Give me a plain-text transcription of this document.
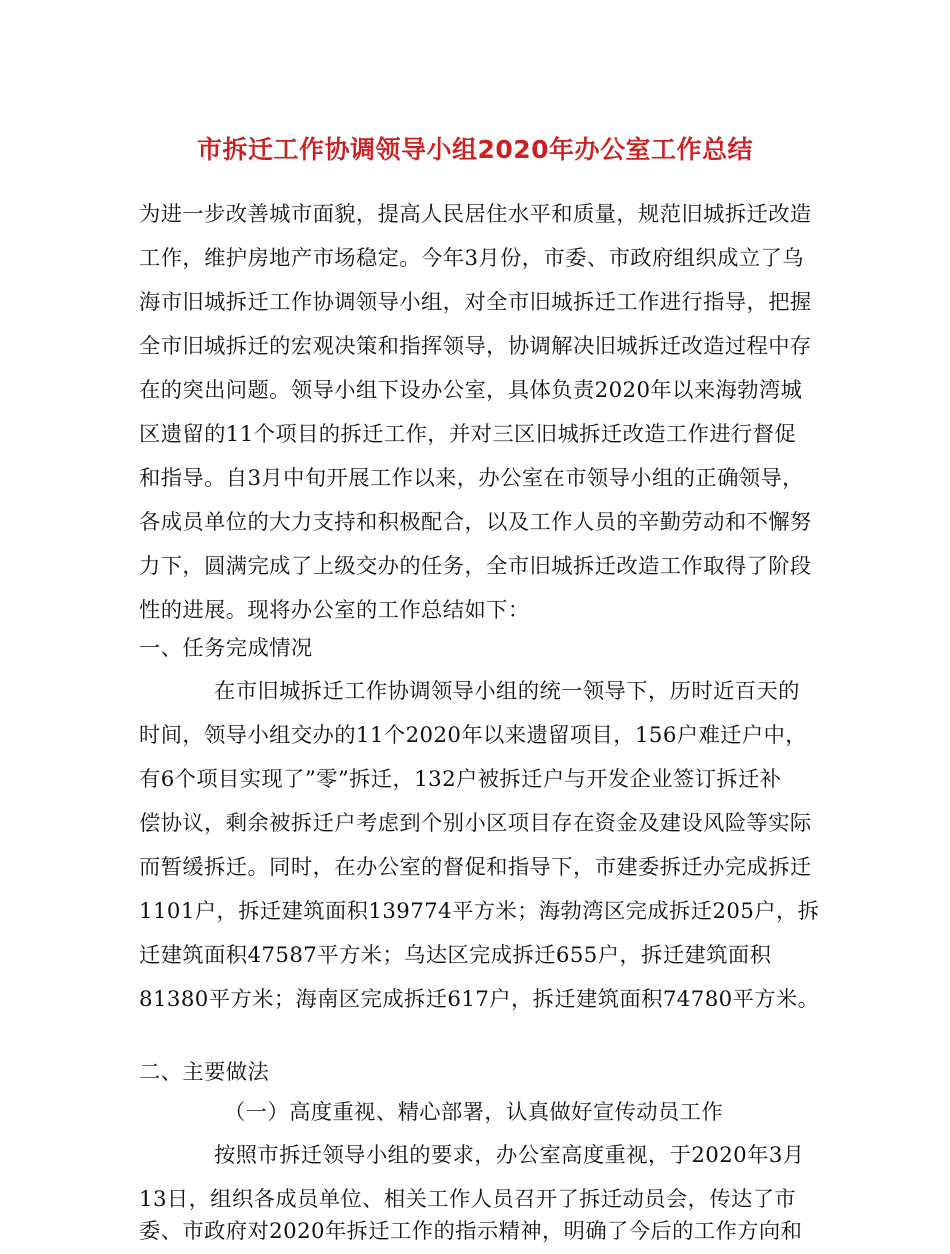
市拆迁工作协调领导小组2020年办公室工作总结
为进一步改善城市面貌，提高人民居住水平和质量，规范旧城拆迁改造
工作，维护房地产市场稳定。今年3月份，市委、市政府组织成立了乌
海市旧城拆迁工作协调领导小组，对全市旧城拆迁工作进行指导，把握
全市旧城拆迁的宏观决策和指挥领导，协调解决旧城拆迁改造过程中存
在的突出问题。领导小组下设办公室，具体负责2020年以来海勃湾城
区遗留的11个项目的拆迁工作，并对三区旧城拆迁改造工作进行督促
和指导。自3月中旬开展工作以来，办公室在市领导小组的正确领导，
各成员单位的大力支持和积极配合，以及工作人员的辛勤劳动和不懈努
力下，圆满完成了上级交办的任务，全市旧城拆迁改造工作取得了阶段
性的进展。现将办公室的工作总结如下：
一、任务完成情况
在市旧城拆迁工作协调领导小组的统一领导下，历时近百天的
时间，领导小组交办的11个2020年以来遗留项目，156户难迁户中，
有6个项目实现了”零”拆迁，132户被拆迁户与开发企业签订拆迁补
偿协议，剩余被拆迁户考虑到个别小区项目存在资金及建设风险等实际
而暂缓拆迁。同时，在办公室的督促和指导下，市建委拆迁办完成拆迁
1101户，拆迁建筑面积139774平方米；海勃湾区完成拆迁205户，拆
迁建筑面积47587平方米；乌达区完成拆迁655户，拆迁建筑面积
81380平方米；海南区完成拆迁617户，拆迁建筑面积74780平方米。
二、主要做法
（一）高度重视、精心部署，认真做好宣传动员工作
按照市拆迁领导小组的要求，办公室高度重视，于2020年3月
13日，组织各成员单位、相关工作人员召开了拆迁动员会，传达了市
委、市政府对2020年拆迁工作的指示精神，明确了今后的工作方向和
